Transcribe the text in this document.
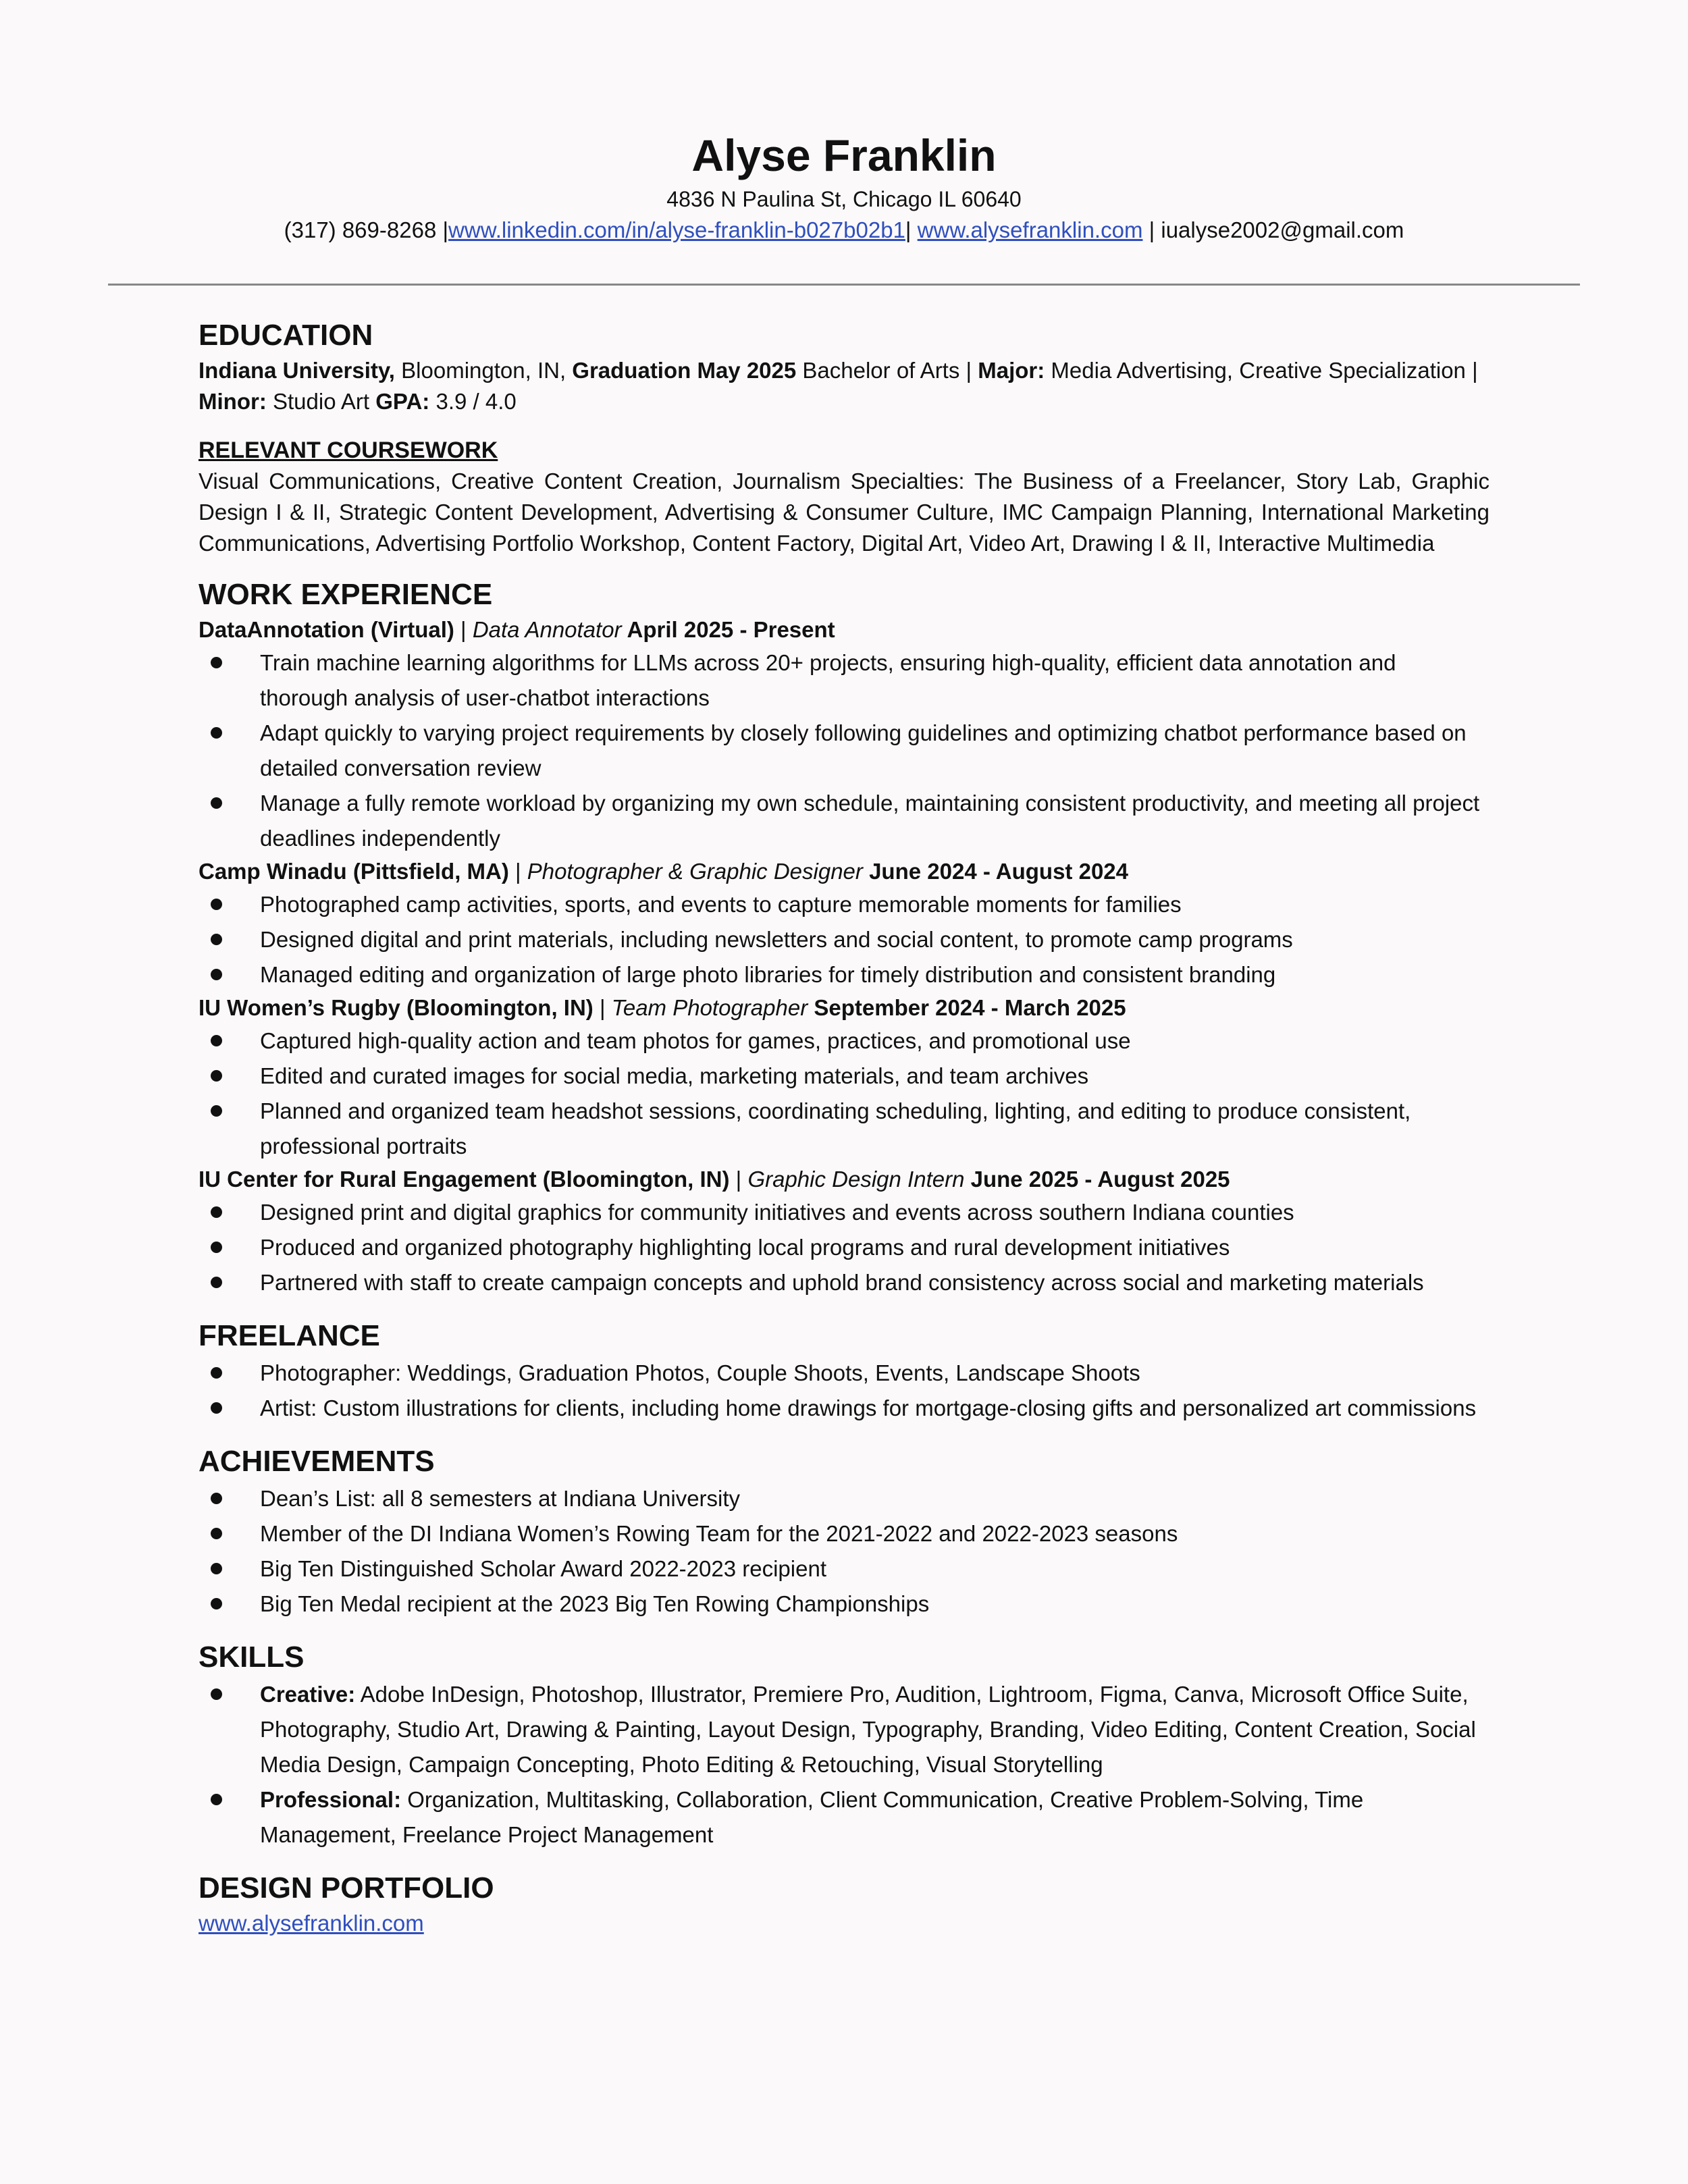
Alyse Franklin
4836 N Paulina St, Chicago IL 60640
(317) 869-8268 |www.linkedin.com/in/alyse-franklin-b027b02b1| www.alysefranklin.com | iualyse2002@gmail.com
EDUCATION

Indiana University, Bloomington, IN, Graduation May 2025 Bachelor of Arts | Major: Media Advertising, Creative Specialization | Minor: Studio Art GPA: 3.9 / 4.0

RELEVANT COURSEWORK

Visual Communications, Creative Content Creation, Journalism Specialties: The Business of a Freelancer, Story Lab, Graphic Design I & II, Strategic Content Development, Advertising & Consumer Culture, IMC Campaign Planning, International Marketing Communications, Advertising Portfolio Workshop, Content Factory, Digital Art, Video Art, Drawing I & II, Interactive Multimedia

WORK EXPERIENCE

DataAnnotation (Virtual) | Data Annotator April 2025 - Present

Train machine learning algorithms for LLMs across 20+ projects, ensuring high-quality, efficient data annotation and thorough analysis of user-chatbot interactions
Adapt quickly to varying project requirements by closely following guidelines and optimizing chatbot performance based on detailed conversation review
Manage a fully remote workload by organizing my own schedule, maintaining consistent productivity, and meeting all project deadlines independently

Camp Winadu (Pittsfield, MA) | Photographer & Graphic Designer June 2024 - August 2024

Photographed camp activities, sports, and events to capture memorable moments for families
Designed digital and print materials, including newsletters and social content, to promote camp programs
Managed editing and organization of large photo libraries for timely distribution and consistent branding

IU Women’s Rugby (Bloomington, IN) | Team Photographer September 2024 - March 2025

Captured high-quality action and team photos for games, practices, and promotional use
Edited and curated images for social media, marketing materials, and team archives
Planned and organized team headshot sessions, coordinating scheduling, lighting, and editing to produce consistent, professional portraits

IU Center for Rural Engagement (Bloomington, IN) | Graphic Design Intern June 2025 - August 2025

Designed print and digital graphics for community initiatives and events across southern Indiana counties
Produced and organized photography highlighting local programs and rural development initiatives
Partnered with staff to create campaign concepts and uphold brand consistency across social and marketing materials
FREELANCE
Photographer: Weddings, Graduation Photos, Couple Shoots, Events, Landscape Shoots
Artist: Custom illustrations for clients, including home drawings for mortgage-closing gifts and personalized art commissions
ACHIEVEMENTS
Dean’s List: all 8 semesters at Indiana University
Member of the DI Indiana Women’s Rowing Team for the 2021-2022 and 2022-2023 seasons
Big Ten Distinguished Scholar Award 2022-2023 recipient
Big Ten Medal recipient at the 2023 Big Ten Rowing Championships
SKILLS
Creative: Adobe InDesign, Photoshop, Illustrator, Premiere Pro, Audition, Lightroom, Figma, Canva, Microsoft Office Suite, Photography, Studio Art, Drawing & Painting, Layout Design, Typography, Branding, Video Editing, Content Creation, Social Media Design, Campaign Concepting, Photo Editing & Retouching, Visual Storytelling
Professional: Organization, Multitasking, Collaboration, Client Communication, Creative Problem-Solving, Time Management, Freelance Project Management
DESIGN PORTFOLIO
www.alysefranklin.com
